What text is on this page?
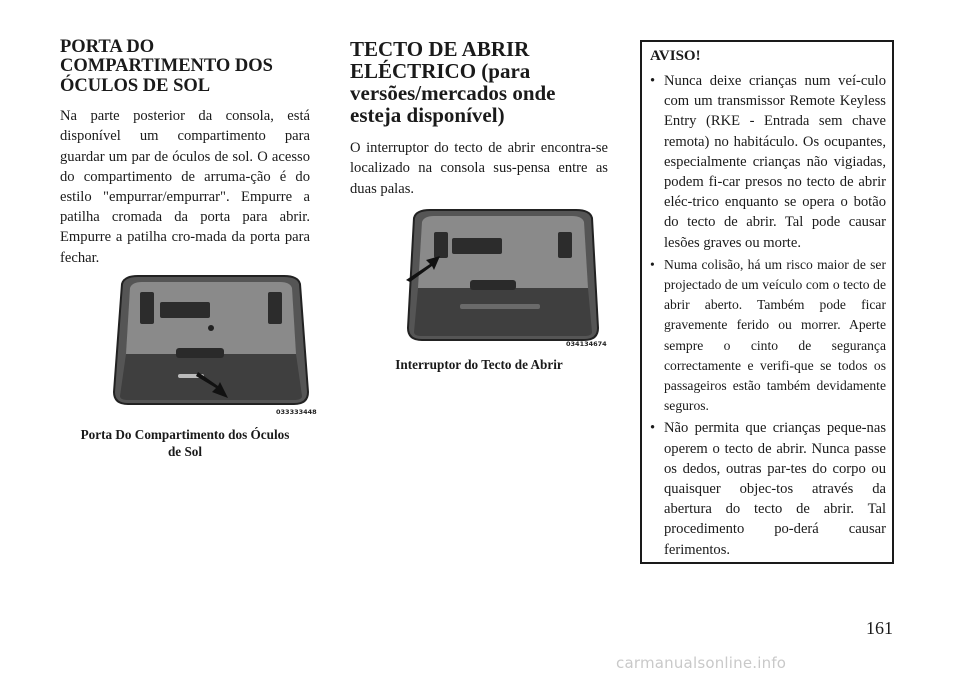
PORTA DO
COMPARTIMENTO DOS
ÓCULOS DE SOL

Na parte posterior da consola, está disponível um compartimento para guardar um par de óculos de sol. O acesso do compartimento de arruma-ção é do estilo "empurrar/empurrar". Empurre a patilha cromada da porta para abrir. Empurre a patilha cro-mada da porta para fechar.

033333448

Porta Do Compartimento dos Óculos
de Sol

TECTO DE ABRIR
ELÉCTRICO (para
versões/mercados onde
esteja disponível)

O interruptor do tecto de abrir encontra-se localizado na consola sus-pensa entre as duas palas.

034134674

Interruptor do Tecto de Abrir

AVISO!
• Nunca deixe crianças num veí-culo com um transmissor Remote Keyless Entry (RKE - Entrada sem chave remota) no habitáculo. Os ocupantes, especialmente crianças não vigiadas, podem fi-car presos no tecto de abrir eléc-trico enquanto se opera o botão do tecto de abrir. Tal pode causar lesões graves ou morte.
• Numa colisão, há um risco maior de ser projectado de um veículo com o tecto de abrir aberto. Também pode ficar gravemente ferido ou morrer. Aperte sempre o cinto de segurança correctamente e verifi-que se todos os passageiros estão também devidamente seguros.
• Não permita que crianças peque-nas operem o tecto de abrir. Nunca passe os dedos, outras par-tes do corpo ou quaisquer objec-tos através da abertura do tecto de abrir. Tal procedimento po-derá causar ferimentos.
161
carmanualsonline.info
